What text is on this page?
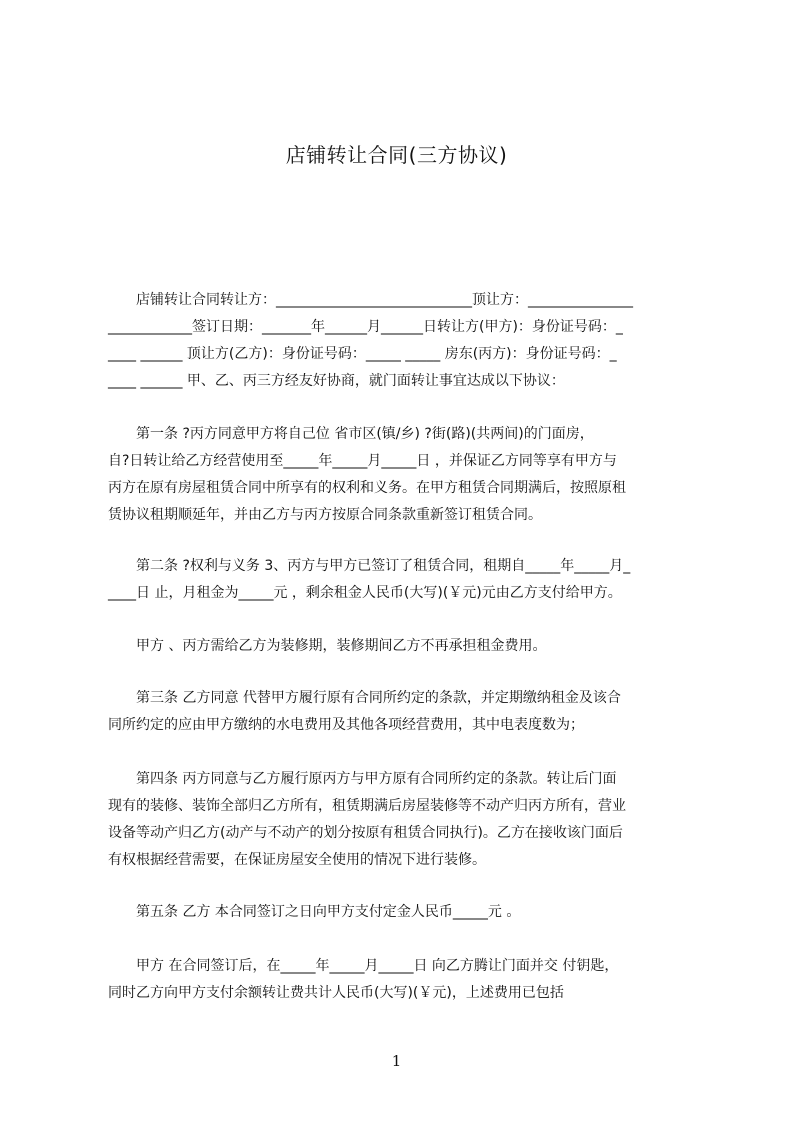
店铺转让合同(三方协议)
　　店铺转让合同转让方：____________________________顶让方：_______________
____________签订日期：_______年______月______日转让方(甲方)：身份证号码：_
____ ______ 顶让方(乙方)：身份证号码：_____ _____ 房东(丙方)：身份证号码：_
____ ______ 甲、乙、丙三方经友好协商，就门面转让事宜达成以下协议：
　　第一条 ?丙方同意甲方将自己位 省市区(镇/乡) ?街(路)(共两间)的门面房，
自?日转让给乙方经营使用至_____年_____月_____日 ，并保证乙方同等享有甲方与
丙方在原有房屋租赁合同中所享有的权利和义务。在甲方租赁合同期满后，按照原租
赁协议租期顺延年，并由乙方与丙方按原合同条款重新签订租赁合同。
　　第二条 ?权利与义务 3、丙方与甲方已签订了租赁合同，租期自_____年_____月_
____日 止，月租金为_____元 ，剩余租金人民币(大写)(￥元)元由乙方支付给甲方。
　　甲方 、丙方需给乙方为装修期，装修期间乙方不再承担租金费用。
　　第三条 乙方同意 代替甲方履行原有合同所约定的条款，并定期缴纳租金及该合
同所约定的应由甲方缴纳的水电费用及其他各项经营费用，其中电表度数为；
　　第四条 丙方同意与乙方履行原丙方与甲方原有合同所约定的条款。转让后门面
现有的装修、装饰全部归乙方所有，租赁期满后房屋装修等不动产归丙方所有，营业
设备等动产归乙方(动产与不动产的划分按原有租赁合同执行)。乙方在接收该门面后
有权根据经营需要，在保证房屋安全使用的情况下进行装修。
　　第五条 乙方 本合同签订之日向甲方支付定金人民币_____元 。
　　甲方 在合同签订后，在_____年_____月_____日 向乙方腾让门面并交 付钥匙，
同时乙方向甲方支付余额转让费共计人民币(大写)(￥元)，上述费用已包括
1
